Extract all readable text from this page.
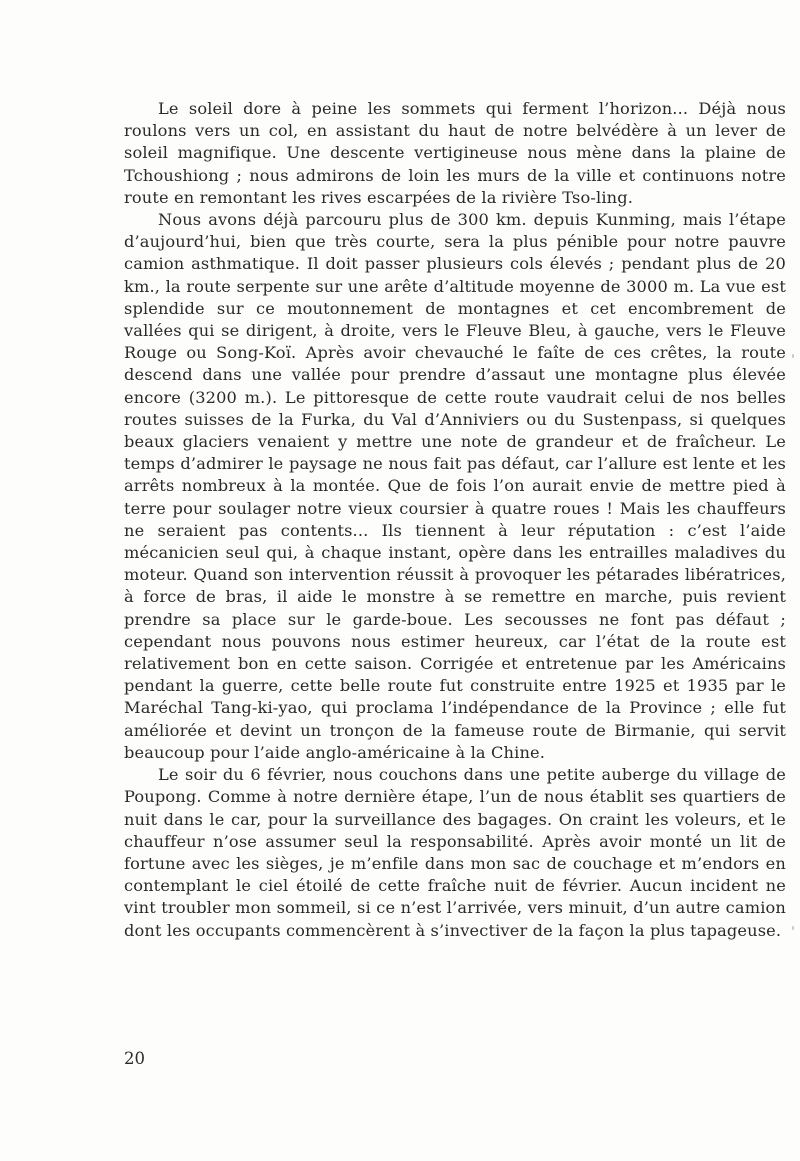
Le soleil dore à peine les sommets qui ferment l’horizon... Déjà nous roulons vers un col, en assistant du haut de notre belvédère à un lever de soleil magnifique. Une descente vertigineuse nous mène dans la plaine de Tchoushiong ; nous admirons de loin les murs de la ville et continuons notre route en remontant les rives escarpées de la rivière Tso-ling.

Nous avons déjà parcouru plus de 300 km. depuis Kunming, mais l’étape d’aujourd’hui, bien que très courte, sera la plus pénible pour notre pauvre camion asthmatique. Il doit passer plusieurs cols élevés ; pendant plus de 20 km., la route serpente sur une arête d’altitude moyenne de 3000 m. La vue est splendide sur ce moutonnement de montagnes et cet encombrement de vallées qui se dirigent, à droite, vers le Fleuve Bleu, à gauche, vers le Fleuve Rouge ou Song-Koï. Après avoir chevauché le faîte de ces crêtes, la route descend dans une vallée pour prendre d’assaut une montagne plus élevée encore (3200 m.). Le pittoresque de cette route vaudrait celui de nos belles routes suisses de la Furka, du Val d’Anniviers ou du Sustenpass, si quelques beaux glaciers venaient y mettre une note de grandeur et de fraîcheur. Le temps d’admirer le paysage ne nous fait pas défaut, car l’allure est lente et les arrêts nombreux à la montée. Que de fois l’on aurait envie de mettre pied à terre pour soulager notre vieux coursier à quatre roues ! Mais les chauffeurs ne seraient pas contents... Ils tiennent à leur réputation : c’est l’aide mécanicien seul qui, à chaque instant, opère dans les entrailles maladives du moteur. Quand son intervention réussit à provoquer les pétarades libératrices, à force de bras, il aide le monstre à se remettre en marche, puis revient prendre sa place sur le garde-boue. Les secousses ne font pas défaut ; cependant nous pouvons nous estimer heureux, car l’état de la route est relativement bon en cette saison. Corrigée et entretenue par les Américains pendant la guerre, cette belle route fut construite entre 1925 et 1935 par le Maréchal Tang-ki-yao, qui proclama l’indépendance de la Province ; elle fut améliorée et devint un tronçon de la fameuse route de Birmanie, qui servit beaucoup pour l’aide anglo-américaine à la Chine.

Le soir du 6 février, nous couchons dans une petite auberge du village de Poupong. Comme à notre dernière étape, l’un de nous établit ses quartiers de nuit dans le car, pour la surveillance des bagages. On craint les voleurs, et le chauffeur n’ose assumer seul la responsabilité. Après avoir monté un lit de fortune avec les sièges, je m’enfile dans mon sac de couchage et m’endors en contemplant le ciel étoilé de cette fraîche nuit de février. Aucun incident ne vint troubler mon sommeil, si ce n’est l’arrivée, vers minuit, d’un autre camion dont les occupants commencèrent à s’invectiver de la façon la plus tapageuse.

20
